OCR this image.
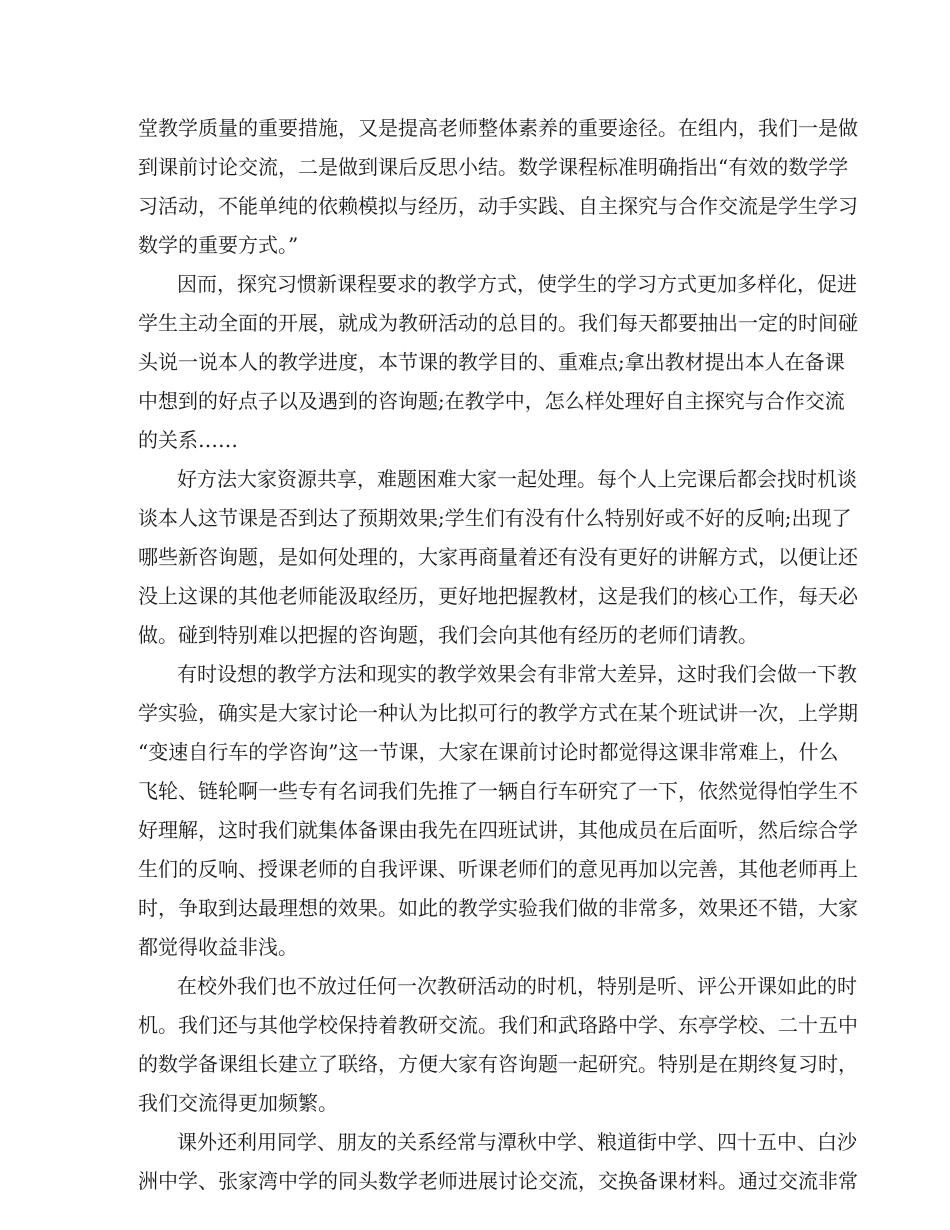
堂教学质量的重要措施，又是提高老师整体素养的重要途径。在组内，我们一是做

到课前讨论交流，二是做到课后反思小结。数学课程标准明确指出“有效的数学学

习活动，不能单纯的依赖模拟与经历，动手实践、自主探究与合作交流是学生学习

数学的重要方式。”

因而，探究习惯新课程要求的教学方式，使学生的学习方式更加多样化，促进

学生主动全面的开展，就成为教研活动的总目的。我们每天都要抽出一定的时间碰

头说一说本人的教学进度，本节课的教学目的、重难点;拿出教材提出本人在备课

中想到的好点子以及遇到的咨询题;在教学中，怎么样处理好自主探究与合作交流

的关系……

好方法大家资源共享，难题困难大家一起处理。每个人上完课后都会找时机谈

谈本人这节课是否到达了预期效果;学生们有没有什么特别好或不好的反响;出现了

哪些新咨询题，是如何处理的，大家再商量着还有没有更好的讲解方式，以便让还

没上这课的其他老师能汲取经历，更好地把握教材，这是我们的核心工作，每天必

做。碰到特别难以把握的咨询题，我们会向其他有经历的老师们请教。

有时设想的教学方法和现实的教学效果会有非常大差异，这时我们会做一下教

学实验，确实是大家讨论一种认为比拟可行的教学方式在某个班试讲一次，上学期

“变速自行车的学咨询”这一节课，大家在课前讨论时都觉得这课非常难上，什么

飞轮、链轮啊一些专有名词我们先推了一辆自行车研究了一下，依然觉得怕学生不

好理解，这时我们就集体备课由我先在四班试讲，其他成员在后面听，然后综合学

生们的反响、授课老师的自我评课、听课老师们的意见再加以完善，其他老师再上

时，争取到达最理想的效果。如此的教学实验我们做的非常多，效果还不错，大家

都觉得收益非浅。

在校外我们也不放过任何一次教研活动的时机，特别是听、评公开课如此的时

机。我们还与其他学校保持着教研交流。我们和武珞路中学、东亭学校、二十五中

的数学备课组长建立了联络，方便大家有咨询题一起研究。特别是在期终复习时，

我们交流得更加频繁。

课外还利用同学、朋友的关系经常与潭秋中学、粮道街中学、四十五中、白沙

洲中学、张家湾中学的同头数学老师进展讨论交流，交换备课材料。通过交流非常
